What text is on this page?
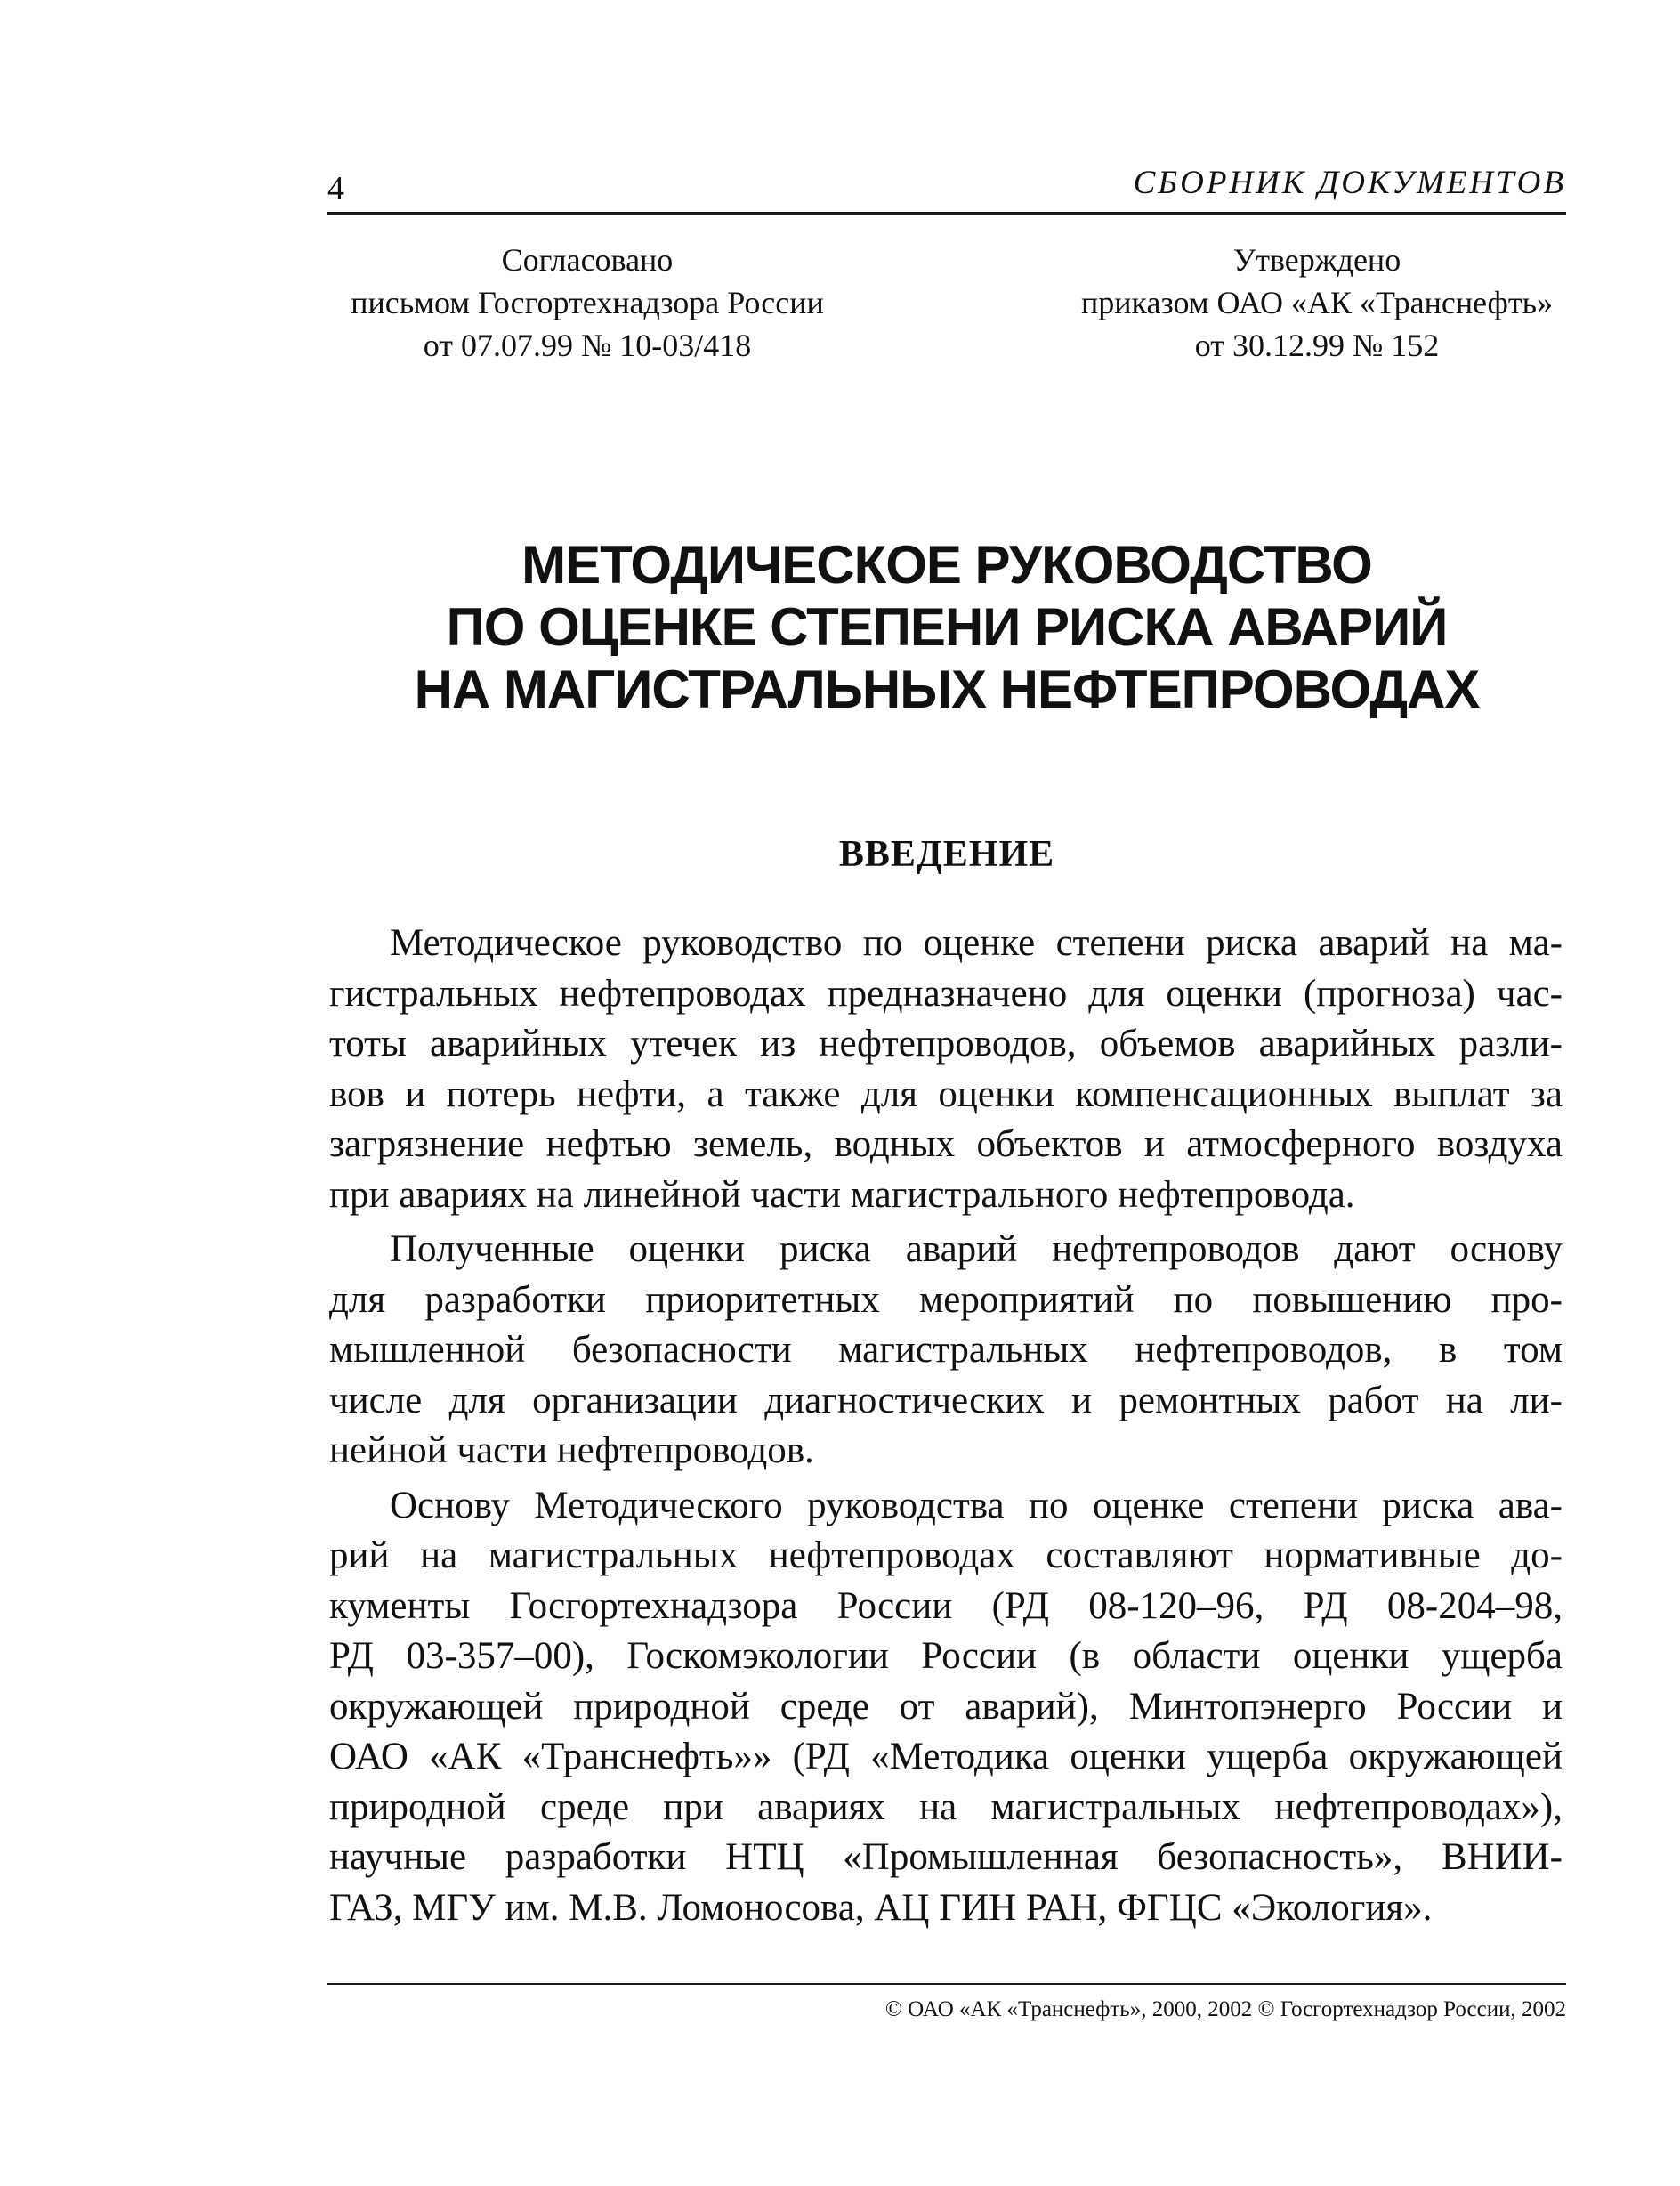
4	СБОРНИК ДОКУМЕНТОВ
Согласовано
письмом Госгортехнадзора России
от 07.07.99 № 10-03/418
Утверждено
приказом ОАО «АК «Транснефть»
от 30.12.99 № 152
МЕТОДИЧЕСКОЕ РУКОВОДСТВО
ПО ОЦЕНКЕ СТЕПЕНИ РИСКА АВАРИЙ
НА МАГИСТРАЛЬНЫХ НЕФТЕПРОВОДАХ
ВВЕДЕНИЕ
Методическое руководство по оценке степени риска аварий на ма-
гистральных нефтепроводах предназначено для оценки (прогноза) час-
тоты аварийных утечек из нефтепроводов, объемов аварийных разли-
вов и потерь нефти, а также для оценки компенсационных выплат за
загрязнение нефтью земель, водных объектов и атмосферного воздуха
при авариях на линейной части магистрального нефтепровода.
Полученные оценки риска аварий нефтепроводов дают основу
для разработки приоритетных мероприятий по повышению про-
мышленной безопасности магистральных нефтепроводов, в том
числе для организации диагностических и ремонтных работ на ли-
нейной части нефтепроводов.
Основу Методического руководства по оценке степени риска ава-
рий на магистральных нефтепроводах составляют нормативные до-
кументы Госгортехнадзора России (РД 08-120–96, РД 08-204–98,
РД 03-357–00), Госкомэкологии России (в области оценки ущерба
окружающей природной среде от аварий), Минтопэнерго России и
ОАО «АК «Транснефть»» (РД «Методика оценки ущерба окружающей
природной среде при авариях на магистральных нефтепроводах»),
научные разработки НТЦ «Промышленная безопасность», ВНИИ-
ГАЗ, МГУ им. М.В. Ломоносова, АЦ ГИН РАН, ФГЦС «Экология».
© ОАО «АК «Транснефть», 2000, 2002 © Госгортехнадзор России, 2002
